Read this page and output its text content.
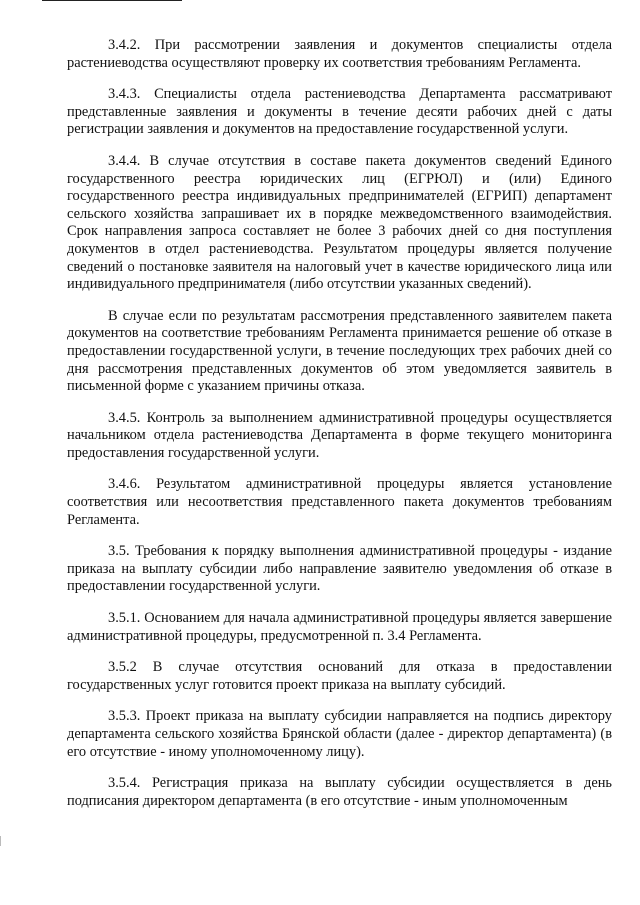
3.4.2. При рассмотрении заявления и документов специалисты отдела растениеводства осуществляют проверку их соответствия требованиям Регламента.

3.4.3. Специалисты отдела растениеводства Департамента рассматривают представленные заявления и документы в течение десяти рабочих дней с даты регистрации заявления и документов на предоставление государственной услуги.

3.4.4. В случае отсутствия в составе пакета документов сведений Единого государственного реестра юридических лиц (ЕГРЮЛ) и (или) Единого государственного реестра индивидуальных предпринимателей (ЕГРИП) департамент сельского хозяйства запрашивает их в порядке межведомственного взаимодействия. Срок направления запроса составляет не более 3 рабочих дней со дня поступления документов в отдел растениеводства. Результатом процедуры является получение сведений о постановке заявителя на налоговый учет в качестве юридического лица или индивидуального предпринимателя (либо отсутствии указанных сведений).

В случае если по результатам рассмотрения представленного заявителем пакета документов на соответствие требованиям Регламента принимается решение об отказе в предоставлении государственной услуги, в течение последующих трех рабочих дней со дня рассмотрения представленных документов об этом уведомляется заявитель в письменной форме с указанием причины отказа.

3.4.5. Контроль за выполнением административной процедуры осуществляется начальником отдела растениеводства Департамента в форме текущего мониторинга предоставления государственной услуги.

3.4.6. Результатом административной процедуры является установление соответствия или несоответствия представленного пакета документов требованиям Регламента.

3.5. Требования к порядку выполнения административной процедуры - издание приказа на выплату субсидии либо направление заявителю уведомления об отказе в предоставлении государственной услуги.

3.5.1. Основанием для начала административной процедуры является завершение административной процедуры, предусмотренной п. 3.4 Регламента.

3.5.2 В случае отсутствия оснований для отказа в предоставлении государственных услуг готовится проект приказа на выплату субсидий.

3.5.3. Проект приказа на выплату субсидии направляется на подпись директору департамента сельского хозяйства Брянской области (далее - директор департамента) (в его отсутствие - иному уполномоченному лицу).

3.5.4. Регистрация приказа на выплату субсидии осуществляется в день подписания директором департамента (в его отсутствие - иным уполномоченным
